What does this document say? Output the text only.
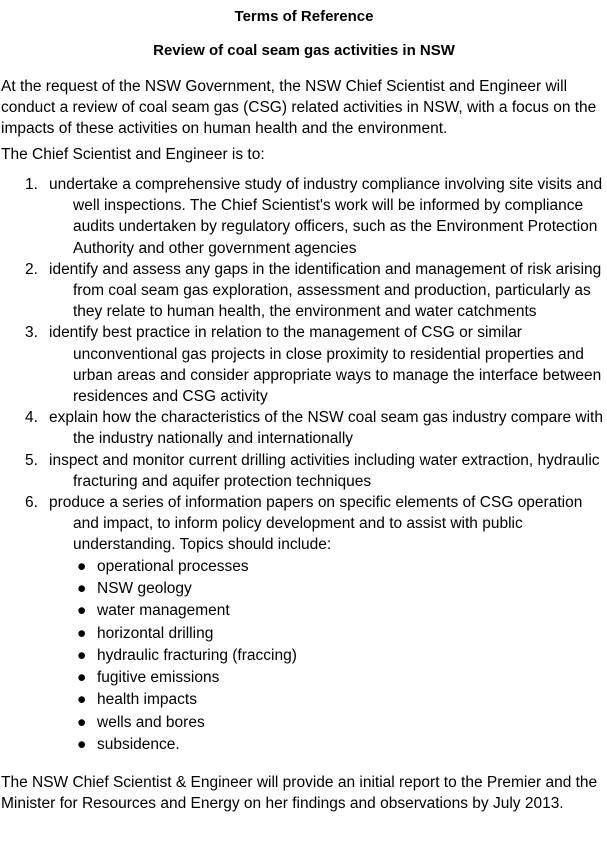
Terms of Reference
Review of coal seam gas activities in NSW

At the request of the NSW Government, the NSW Chief Scientist and Engineer will conduct a review of coal seam gas (CSG) related activities in NSW, with a focus on the impacts of these activities on human health and the environment.

The Chief Scientist and Engineer is to:

1. undertake a comprehensive study of industry compliance involving site visits and well inspections. The Chief Scientist's work will be informed by compliance audits undertaken by regulatory officers, such as the Environment Protection Authority and other government agencies
2. identify and assess any gaps in the identification and management of risk arising from coal seam gas exploration, assessment and production, particularly as they relate to human health, the environment and water catchments
3. identify best practice in relation to the management of CSG or similar unconventional gas projects in close proximity to residential properties and urban areas and consider appropriate ways to manage the interface between residences and CSG activity
4. explain how the characteristics of the NSW coal seam gas industry compare with the industry nationally and internationally
5. inspect and monitor current drilling activities including water extraction, hydraulic fracturing and aquifer protection techniques
6. produce a series of information papers on specific elements of CSG operation and impact, to inform policy development and to assist with public understanding. Topics should include:
● operational processes
● NSW geology
● water management
● horizontal drilling
● hydraulic fracturing (fraccing)
● fugitive emissions
● health impacts
● wells and bores
● subsidence.

The NSW Chief Scientist & Engineer will provide an initial report to the Premier and the Minister for Resources and Energy on her findings and observations by July 2013.
